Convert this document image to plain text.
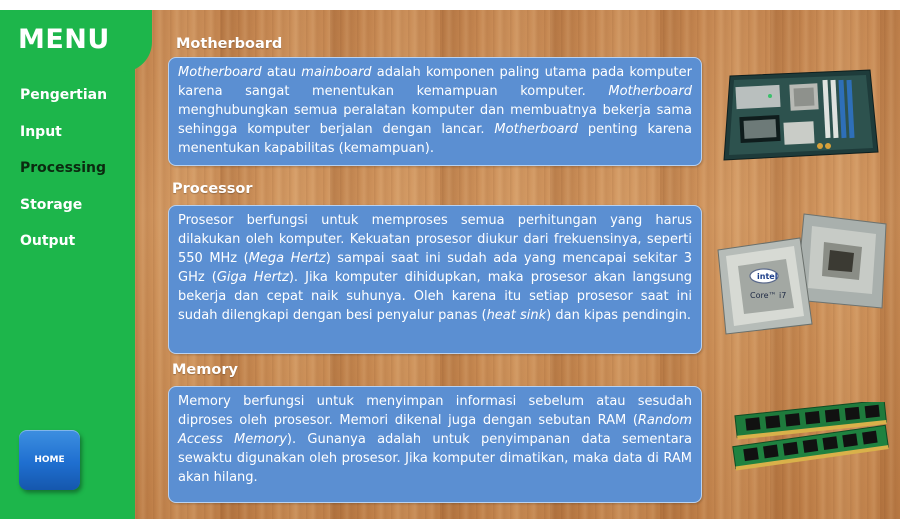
MENU
Pengertian
Input
Processing
Storage
Output
HOME
Motherboard

Motherboard atau mainboard adalah komponen paling utama pada komputer karena sangat menentukan kemampuan komputer. Motherboard menghubungkan semua peralatan komputer dan membuatnya bekerja sama sehingga komputer berjalan dengan lancar. Motherboard penting karena menentukan kapabilitas (kemampuan).

Processor

Prosesor berfungsi untuk memproses semua perhitungan yang harus dilakukan oleh komputer. Kekuatan prosesor diukur dari frekuensinya, seperti 550 MHz (Mega Hertz) sampai saat ini sudah ada yang mencapai sekitar 3 GHz (Giga Hertz). Jika komputer dihidupkan, maka prosesor akan langsung bekerja dan cepat naik suhunya. Oleh karena itu setiap prosesor saat ini sudah dilengkapi dengan besi penyalur panas (heat sink) dan kipas pendingin.

Memory

Memory berfungsi untuk menyimpan informasi sebelum atau sesudah diproses oleh prosesor. Memori dikenal juga dengan sebutan RAM (Random Access Memory). Gunanya adalah untuk penyimpanan data sementara sewaktu digunakan oleh prosesor. Jika komputer dimatikan, maka data di RAM akan hilang.

intel
Core™ i7
